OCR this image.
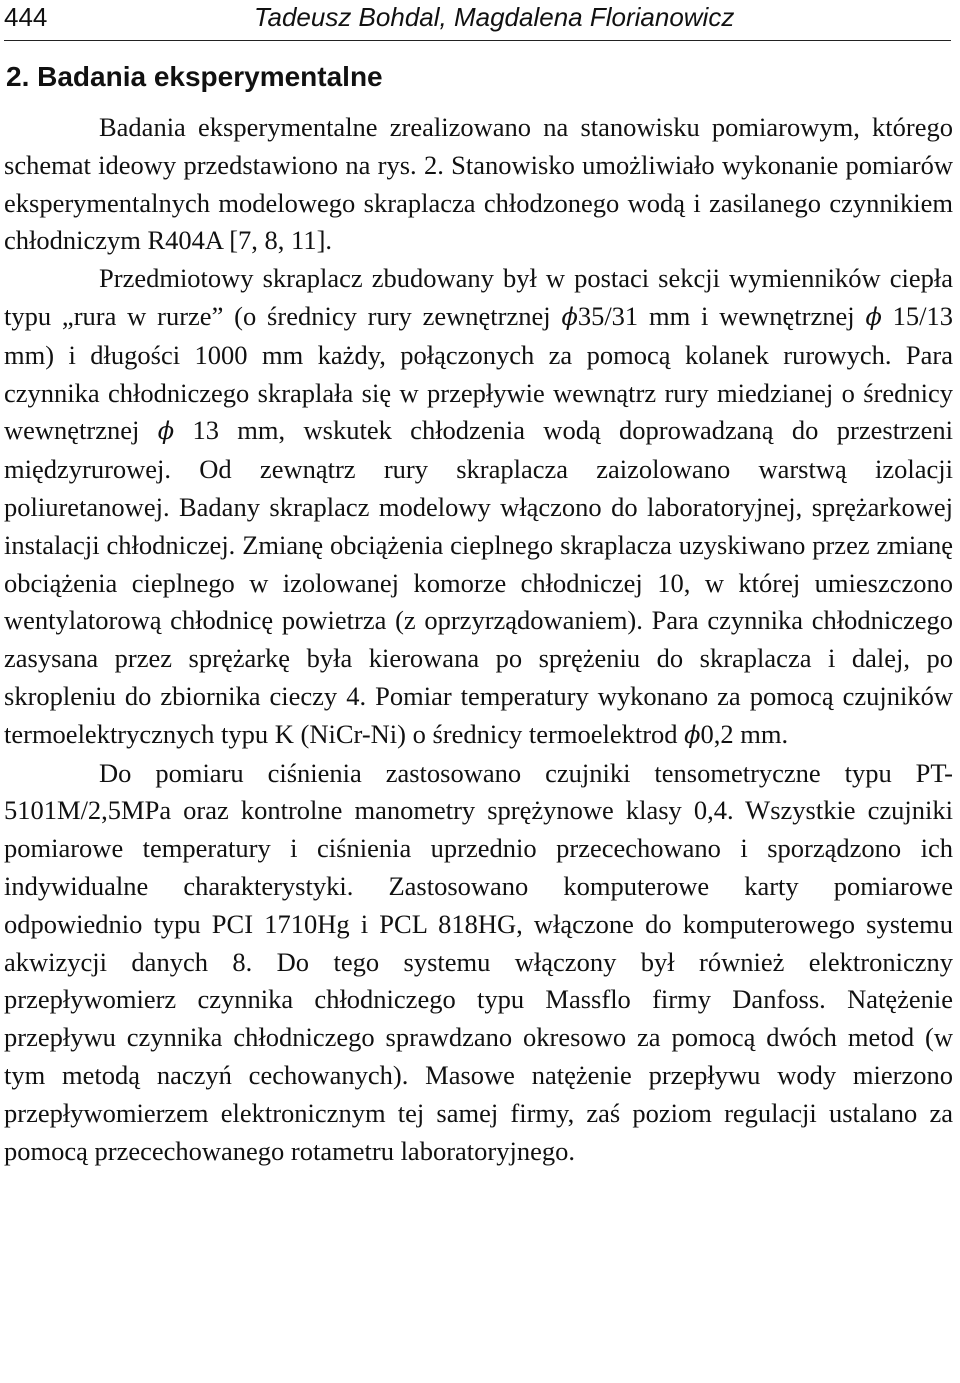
444	Tadeusz Bohdal, Magdalena Florianowicz
2. Badania eksperymentalne

Badania eksperymentalne zrealizowano na stanowisku pomiarowym, którego schemat ideowy przedstawiono na rys. 2. Stanowisko umożliwiało wykonanie pomiarów eksperymentalnych modelowego skraplacza chłodzonego wodą i zasilanego czynnikiem chłodniczym R404A [7, 8, 11].

Przedmiotowy skraplacz zbudowany był w postaci sekcji wymienników ciepła typu „rura w rurze” (o średnicy rury zewnętrznej ϕ35/31 mm i wewnętrznej ϕ 15/13 mm) i długości 1000 mm każdy, połączonych za pomocą kolanek rurowych. Para czynnika chłodniczego skraplała się w przepływie wewnątrz rury miedzianej o średnicy wewnętrznej ϕ 13 mm, wskutek chłodzenia wodą doprowadzaną do przestrzeni międzyrurowej. Od zewnątrz rury skraplacza zaizolowano warstwą izolacji poliuretanowej. Badany skraplacz modelowy włączono do laboratoryjnej, sprężarkowej instalacji chłodniczej. Zmianę obciążenia cieplnego skraplacza uzyskiwano przez zmianę obciążenia cieplnego w izolowanej komorze chłodniczej 10, w której umieszczono wentylatorową chłodnicę powietrza (z oprzyrządowaniem). Para czynnika chłodniczego zasysana przez sprężarkę była kierowana po sprężeniu do skraplacza i dalej, po skropleniu do zbiornika cieczy 4. Pomiar temperatury wykonano za pomocą czujników termoelektrycznych typu K (NiCr-Ni) o średnicy termoelektrod ϕ0,2 mm.

Do pomiaru ciśnienia zastosowano czujniki tensometryczne typu PT-5101M/2,5MPa oraz kontrolne manometry sprężynowe klasy 0,4. Wszystkie czujniki pomiarowe temperatury i ciśnienia uprzednio przecechowano i sporządzono ich indywidualne charakterystyki. Zastosowano komputerowe karty pomiarowe odpowiednio typu PCI 1710Hg i PCL 818HG, włączone do komputerowego systemu akwizycji danych 8. Do tego systemu włączony był również elektroniczny przepływomierz czynnika chłodniczego typu Massflo firmy Danfoss. Natężenie przepływu czynnika chłodniczego sprawdzano okresowo za pomocą dwóch metod (w tym metodą naczyń cechowanych). Masowe natężenie przepływu wody mierzono przepływomierzem elektronicznym tej samej firmy, zaś poziom regulacji ustalano za pomocą przecechowanego rotametru laboratoryjnego.
